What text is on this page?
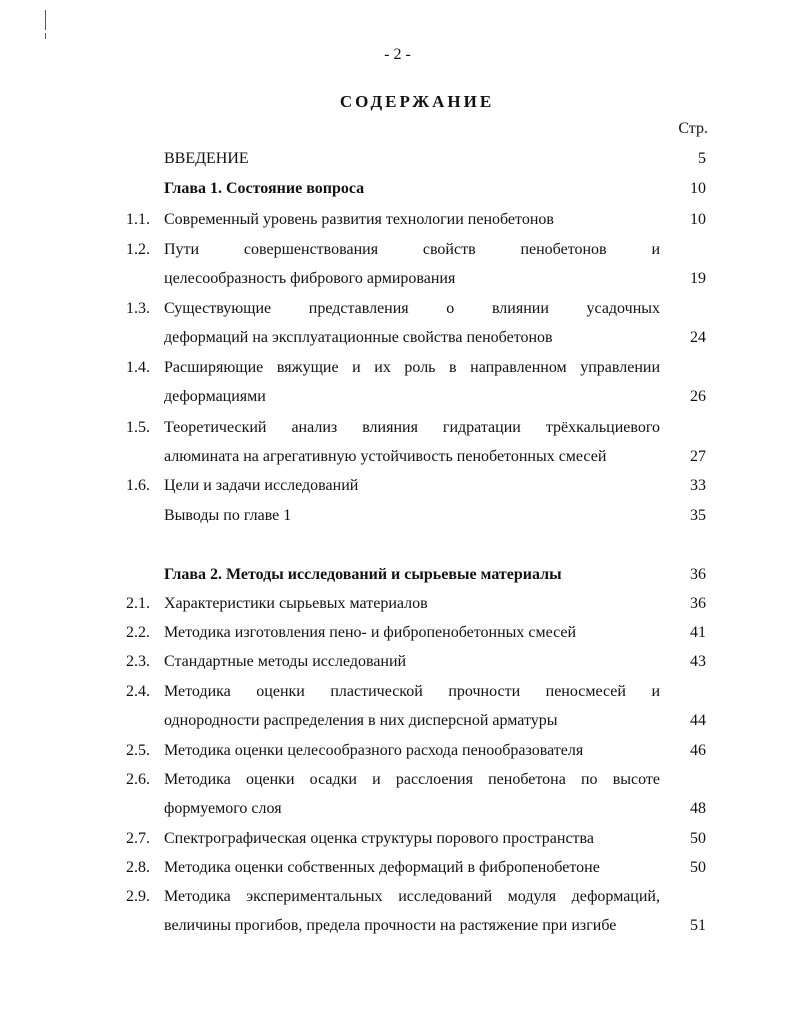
- 2 -
СОДЕРЖАНИЕ
Стр.
ВВЕДЕНИЕ	5
Глава 1. Состояние вопроса	10
1.1. Современный уровень развития технологии пенобетонов	10
1.2. Пути совершенствования свойств пенобетонов и
целесообразность фибрового армирования	19
1.3. Существующие представления о влиянии усадочных
деформаций на эксплуатационные свойства пенобетонов	24
1.4. Расширяющие вяжущие и их роль в направленном управлении
деформациями	26
1.5. Теоретический анализ влияния гидратации трёхкальциевого
алюмината на агрегативную устойчивость пенобетонных смесей	27
1.6. Цели и задачи исследований	33
Выводы по главе 1	35
Глава 2. Методы исследований и сырьевые материалы	36
2.1. Характеристики сырьевых материалов	36
2.2. Методика изготовления пено- и фибропенобетонных смесей	41
2.3. Стандартные методы исследований	43
2.4. Методика оценки пластической прочности пеносмесей и
однородности распределения в них дисперсной арматуры	44
2.5. Методика оценки целесообразного расхода пенообразователя	46
2.6. Методика оценки осадки и расслоения пенобетона по высоте
формуемого слоя	48
2.7. Спектрографическая оценка структуры порового пространства	50
2.8. Методика оценки собственных деформаций в фибропенобетоне	50
2.9. Методика экспериментальных исследований модуля деформаций,
величины прогибов, предела прочности на растяжение при изгибе	51
